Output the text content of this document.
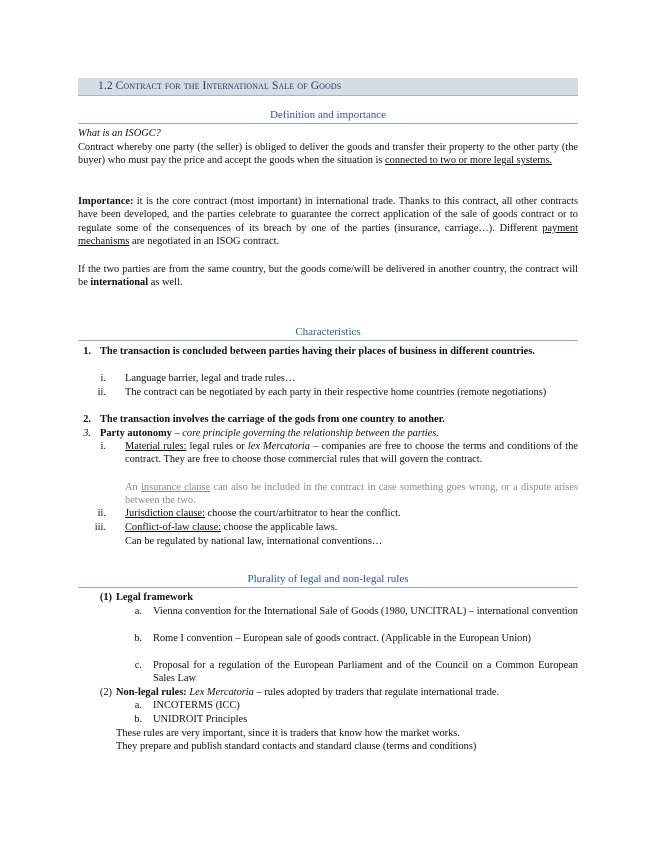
1.2 Contract for the International Sale of Goods
Definition and importance

What is an ISOGC?

Contract whereby one party (the seller) is obliged to deliver the goods and transfer their property to the other party (the buyer) who must pay the price and accept the goods when the situation is connected to two or more legal systems.

Importance: it is the core contract (most important) in international trade. Thanks to this contract, all other contracts have been developed, and the parties celebrate to guarantee the correct application of the sale of goods contract or to regulate some of the consequences of its breach by one of the parties (insurance, carriage…). Different payment mechanisms are negotiated in an ISOG contract.

If the two parties are from the same country, but the goods come/will be delivered in another country, the contract will be international as well.

Characteristics
1. The transaction is concluded between parties having their places of business in different countries.
i. Language barrier, legal and trade rules…
ii. The contract can be negotiated by each party in their respective home countries (remote negotiations)
2. The transaction involves the carriage of the gods from one country to another.
3. Party autonomy – core principle governing the relationship between the parties.
i. Material rules: legal rules or lex Mercatoria – companies are free to choose the terms and conditions of the contract. They are free to choose those commercial rules that will govern the contract.
An insurance clause can also be included in the contract in case something goes wrong, or a dispute arises between the two.
ii. Jurisdiction clause: choose the court/arbitrator to hear the conflict.
iii. Conflict-of-law clause: choose the applicable laws.
Can be regulated by national law, international conventions…
Plurality of legal and non-legal rules
(1) Legal framework
a. Vienna convention for the International Sale of Goods (1980, UNCITRAL) – international convention
b. Rome I convention – European sale of goods contract. (Applicable in the European Union)
c. Proposal for a regulation of the European Parliament and of the Council on a Common European Sales Law
(2) Non-legal rules: Lex Mercatoria – rules adopted by traders that regulate international trade.
a. INCOTERMS (ICC)
b. UNIDROIT Principles
These rules are very important, since it is traders that know how the market works.
They prepare and publish standard contacts and standard clause (terms and conditions)
